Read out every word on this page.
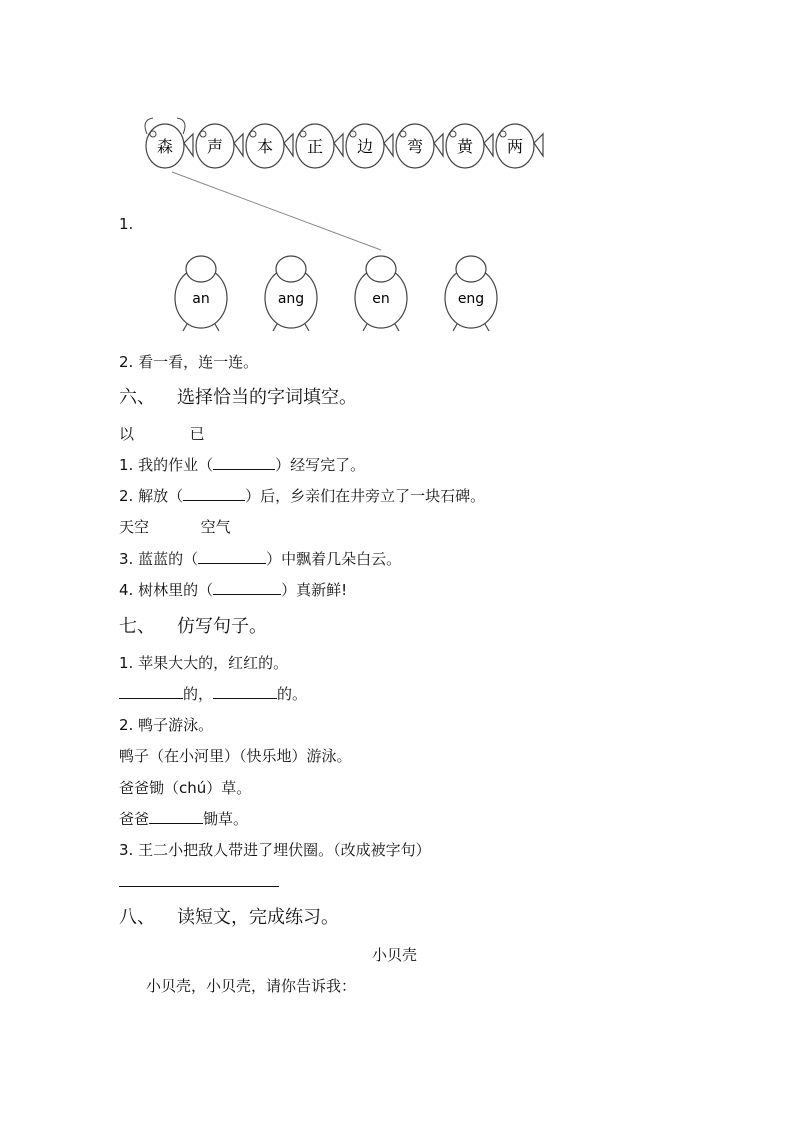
森 声 本 正 边 弯 黄 两
an	ang	en	eng
1.
2. 看一看，连一连。
六、 选择恰当的字词填空。
以	已
1. 我的作业（	）经写完了。
2. 解放（	）后，乡亲们在井旁立了一块石碑。
天空	空气
3. 蓝蓝的（	）中飘着几朵白云。
4. 树林里的（	）真新鲜!
七、 仿写句子。
1. 苹果大大的，红红的。
的，	的。
2. 鸭子游泳。
鸭子（在小河里）（快乐地）游泳。
爸爸锄（chú）草。
爸爸	锄草。
3. 王二小把敌人带进了埋伏圈。（改成被字句）
八、 读短文，完成练习。
小贝壳
小贝壳，小贝壳，请你告诉我：
